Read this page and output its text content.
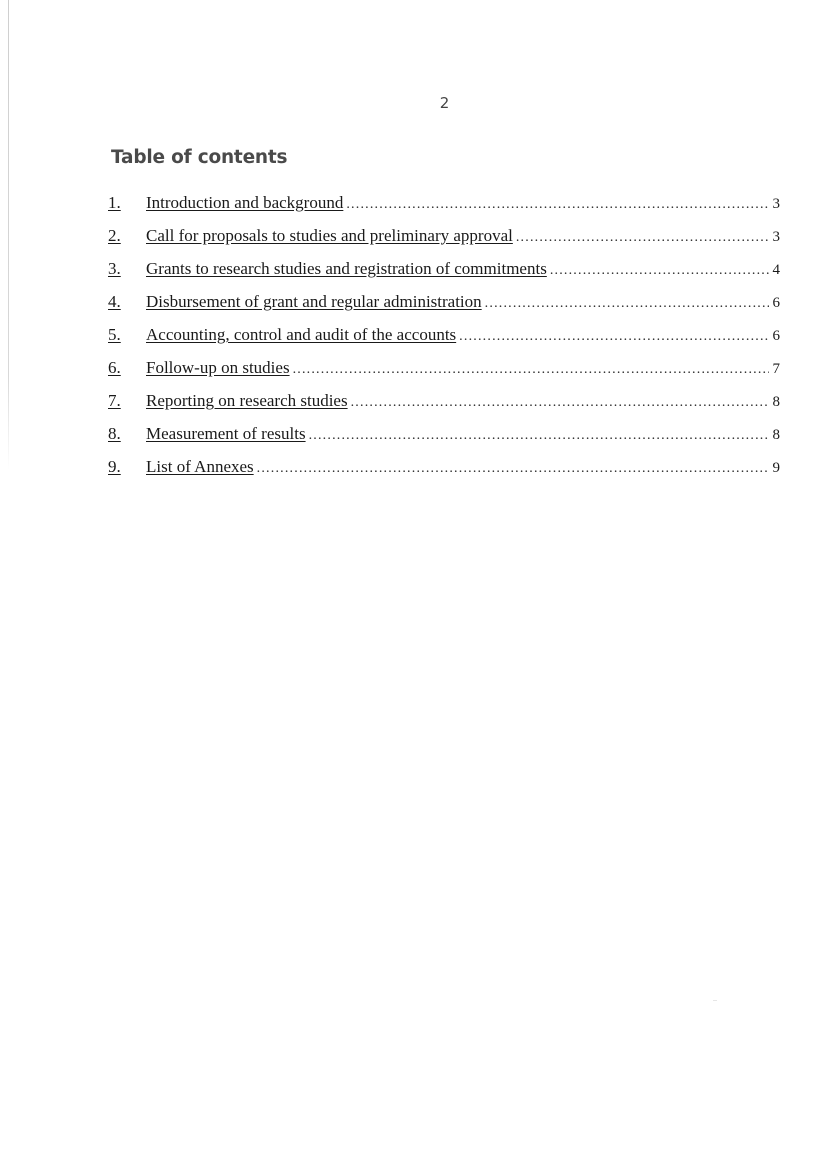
2
Table of contents
1.	Introduction and background .....	3
2.	Call for proposals to studies and preliminary approval .....	3
3.	Grants to research studies and registration of commitments .....	4
4.	Disbursement of grant and regular administration .....	6
5.	Accounting, control and audit of the accounts .....	6
6.	Follow-up on studies .....	7
7.	Reporting on research studies .....	8
8.	Measurement of results .....	8
9.	List of Annexes .....	9
